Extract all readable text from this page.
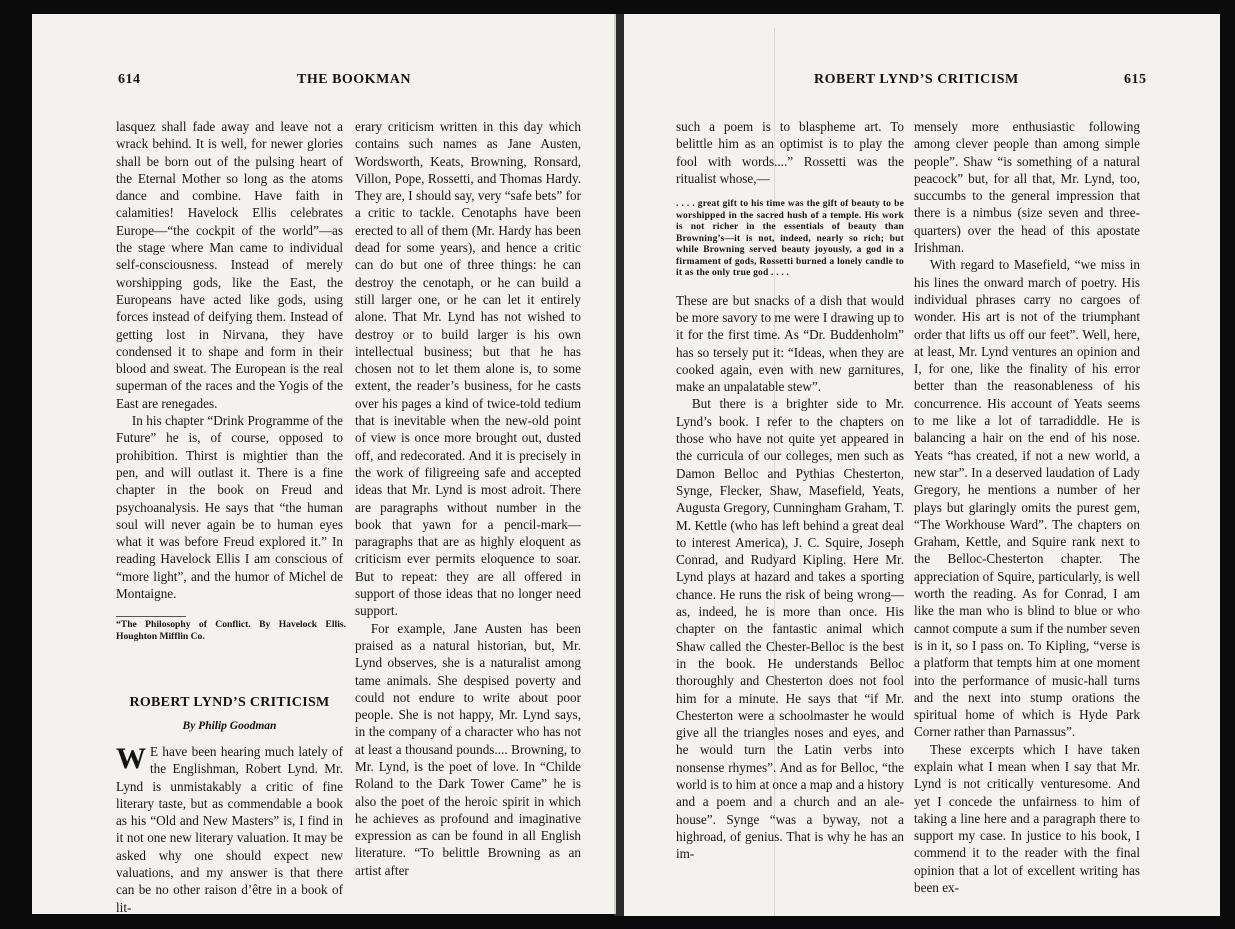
614	THE BOOKMAN

lasquez shall fade away and leave not a wrack behind. It is well, for newer glories shall be born out of the pulsing heart of the Eternal Mother so long as the atoms dance and combine. Have faith in calamities! Havelock Ellis celebrates Europe—“the cockpit of the world”—as the stage where Man came to individual self-consciousness. Instead of merely worshipping gods, like the East, the Europeans have acted like gods, using forces instead of deifying them. Instead of getting lost in Nirvana, they have condensed it to shape and form in their blood and sweat. The European is the real superman of the races and the Yogis of the East are renegades.

In his chapter “Drink Programme of the Future” he is, of course, opposed to prohibition. Thirst is mightier than the pen, and will outlast it. There is a fine chapter in the book on Freud and psychoanalysis. He says that “the human soul will never again be to human eyes what it was before Freud explored it.” In reading Havelock Ellis I am conscious of “more light”, and the humor of Michel de Montaigne.

“The Philosophy of Conflict. By Havelock Ellis. Houghton Mifflin Co.
ROBERT LYND’S CRITICISM
By Philip Goodman

W E have been hearing much lately of the Englishman, Robert Lynd. Mr. Lynd is unmistakably a critic of fine literary taste, but as commendable a book as his “Old and New Masters” is, I find in it not one new literary valuation. It may be asked why one should expect new valuations, and my answer is that there can be no other raison d’être in a book of lit-

erary criticism written in this day which contains such names as Jane Austen, Wordsworth, Keats, Browning, Ronsard, Villon, Pope, Rossetti, and Thomas Hardy. They are, I should say, very “safe bets” for a critic to tackle. Cenotaphs have been erected to all of them (Mr. Hardy has been dead for some years), and hence a critic can do but one of three things: he can destroy the cenotaph, or he can build a still larger one, or he can let it entirely alone. That Mr. Lynd has not wished to destroy or to build larger is his own intellectual business; but that he has chosen not to let them alone is, to some extent, the reader’s business, for he casts over his pages a kind of twice-told tedium that is inevitable when the new-old point of view is once more brought out, dusted off, and redecorated. And it is precisely in the work of filigreeing safe and accepted ideas that Mr. Lynd is most adroit. There are paragraphs without number in the book that yawn for a pencil-mark—paragraphs that are as highly eloquent as criticism ever permits eloquence to soar. But to repeat: they are all offered in support of those ideas that no longer need support.

For example, Jane Austen has been praised as a natural historian, but, Mr. Lynd observes, she is a naturalist among tame animals. She despised poverty and could not endure to write about poor people. She is not happy, Mr. Lynd says, in the company of a character who has not at least a thousand pounds.... Browning, to Mr. Lynd, is the poet of love. In “Childe Roland to the Dark Tower Came” he is also the poet of the heroic spirit in which he achieves as profound and imaginative expression as can be found in all English literature. “To belittle Browning as an artist after

ROBERT LYND’S CRITICISM	615

such a poem is to blaspheme art. To belittle him as an optimist is to play the fool with words....” Rossetti was the ritualist whose,—

. . . . great gift to his time was the gift of beauty to be worshipped in the sacred hush of a temple. His work is not richer in the essentials of beauty than Browning’s—it is not, indeed, nearly so rich; but while Browning served beauty joyously, a god in a firmament of gods, Rossetti burned a lonely candle to it as the only true god . . . .

These are but snacks of a dish that would be more savory to me were I drawing up to it for the first time. As “Dr. Buddenholm” has so tersely put it: “Ideas, when they are cooked again, even with new garnitures, make an unpalatable stew”.

But there is a brighter side to Mr. Lynd’s book. I refer to the chapters on those who have not quite yet appeared in the curricula of our colleges, men such as Damon Belloc and Pythias Chesterton, Synge, Flecker, Shaw, Masefield, Yeats, Augusta Gregory, Cunningham Graham, T. M. Kettle (who has left behind a great deal to interest America), J. C. Squire, Joseph Conrad, and Rudyard Kipling. Here Mr. Lynd plays at hazard and takes a sporting chance. He runs the risk of being wrong—as, indeed, he is more than once. His chapter on the fantastic animal which Shaw called the Chester-Belloc is the best in the book. He understands Belloc thoroughly and Chesterton does not fool him for a minute. He says that “if Mr. Chesterton were a schoolmaster he would give all the triangles noses and eyes, and he would turn the Latin verbs into nonsense rhymes”. And as for Belloc, “the world is to him at once a map and a history and a poem and a church and an ale-house”. Synge “was a byway, not a highroad, of genius. That is why he has an im-

mensely more enthusiastic following among clever people than among simple people”. Shaw “is something of a natural peacock” but, for all that, Mr. Lynd, too, succumbs to the general impression that there is a nimbus (size seven and three-quarters) over the head of this apostate Irishman.

With regard to Masefield, “we miss in his lines the onward march of poetry. His individual phrases carry no cargoes of wonder. His art is not of the triumphant order that lifts us off our feet”. Well, here, at least, Mr. Lynd ventures an opinion and I, for one, like the finality of his error better than the reasonableness of his concurrence. His account of Yeats seems to me like a lot of tarradiddle. He is balancing a hair on the end of his nose. Yeats “has created, if not a new world, a new star”. In a deserved laudation of Lady Gregory, he mentions a number of her plays but glaringly omits the purest gem, “The Workhouse Ward”. The chapters on Graham, Kettle, and Squire rank next to the Belloc-Chesterton chapter. The appreciation of Squire, particularly, is well worth the reading. As for Conrad, I am like the man who is blind to blue or who cannot compute a sum if the number seven is in it, so I pass on. To Kipling, “verse is a platform that tempts him at one moment into the performance of music-hall turns and the next into stump orations the spiritual home of which is Hyde Park Corner rather than Parnassus”.

These excerpts which I have taken explain what I mean when I say that Mr. Lynd is not critically venturesome. And yet I concede the unfairness to him of taking a line here and a paragraph there to support my case. In justice to his book, I commend it to the reader with the final opinion that a lot of excellent writing has been ex-
